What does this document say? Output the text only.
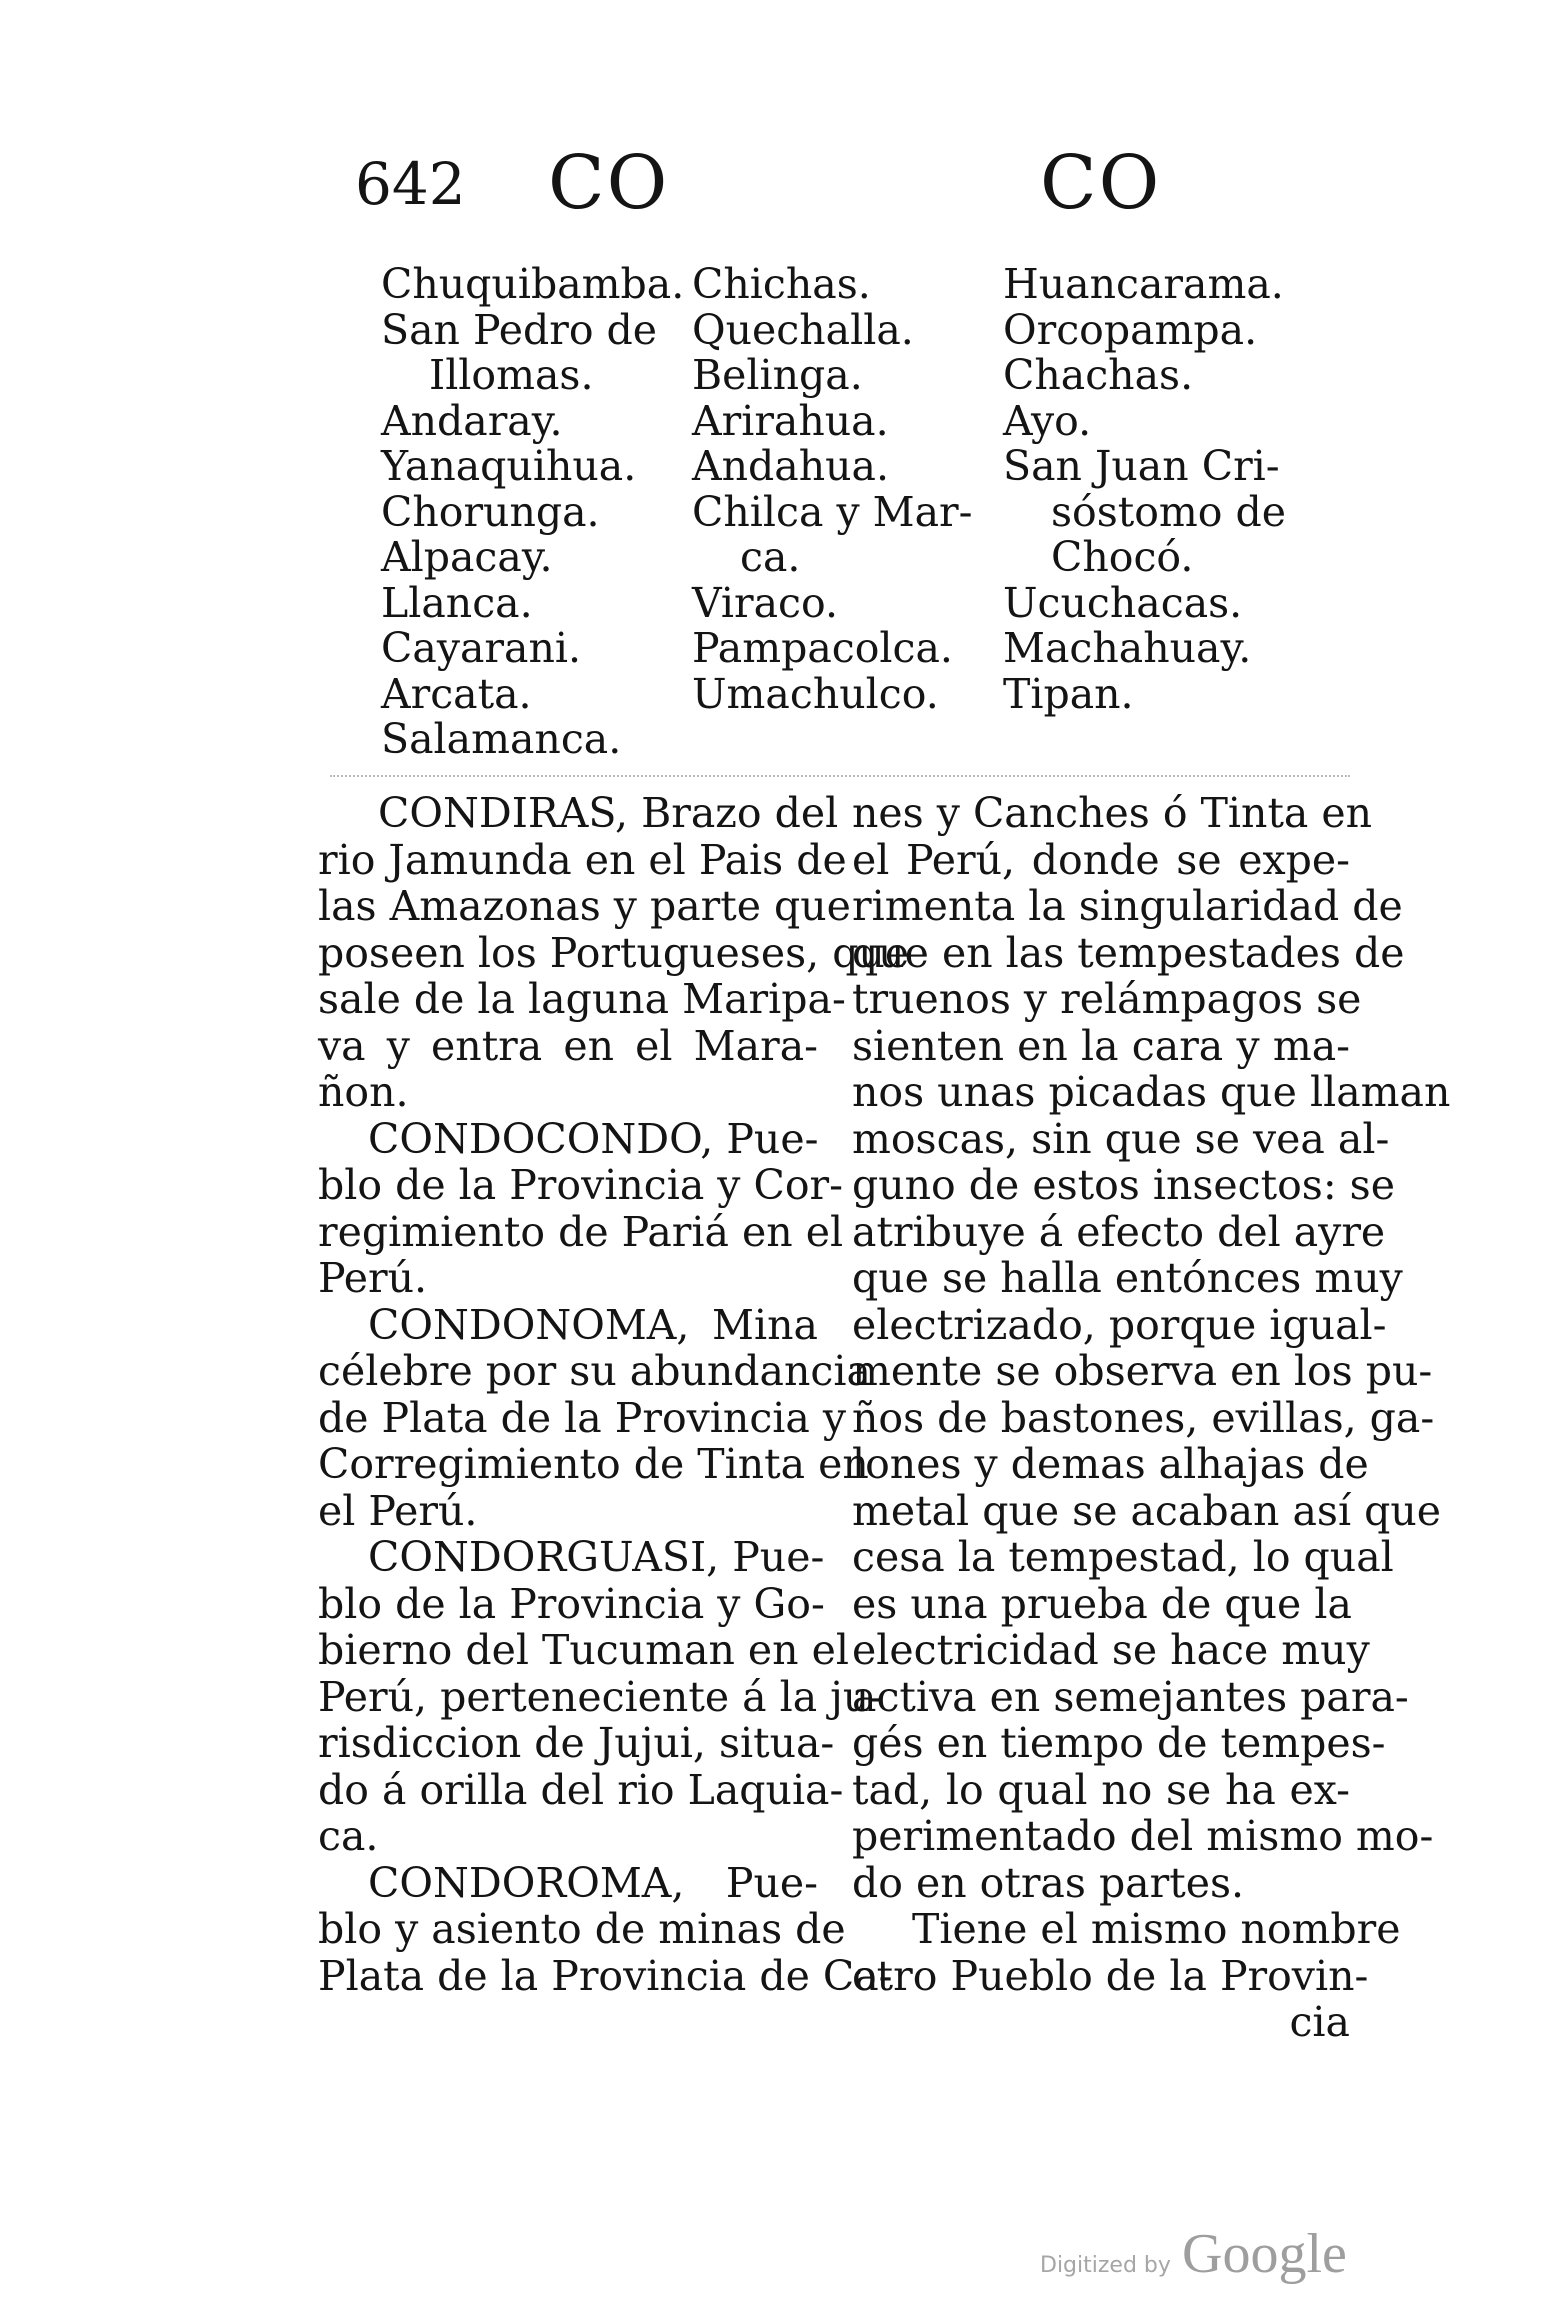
642 CO	CO
Chuquibamba.
San Pedro de
Illomas.
Andaray.
Yanaquihua.
Chorunga.
Alpacay.
Llanca.
Cayarani.
Arcata.
Salamanca.
Chichas.
Quechalla.
Belinga.
Arirahua.
Andahua.
Chilca y Mar-
ca.
Viraco.
Pampacolca.
Umachulco.
Huancarama.
Orcopampa.
Chachas.
Ayo.
San Juan Cri-
sóstomo de
Chocó.
Ucuchacas.
Machahuay.
Tipan.
CONDIRAS, Brazo del
rio Jamunda en el Pais de
las Amazonas y parte que
poseen los Portugueses, que
sale de la laguna Maripa-
va y entra en el Mara-
ñon.
CONDOCONDO, Pue-
blo de la Provincia y Cor-
regimiento de Pariá en el
Perú.
CONDONOMA, Mina
célebre por su abundancia
de Plata de la Provincia y
Corregimiento de Tinta en
el Perú.
CONDORGUASI, Pue-
blo de la Provincia y Go-
bierno del Tucuman en el
Perú, perteneciente á la ju-
risdiccion de Jujui, situa-
do á orilla del rio Laquia-
ca.
CONDOROMA, Pue-
blo y asiento de minas de
Plata de la Provincia de Ca-
nes y Canches ó Tinta en
el Perú, donde se expe-
rimenta la singularidad de
que en las tempestades de
truenos y relámpagos se
sienten en la cara y ma-
nos unas picadas que llaman
moscas, sin que se vea al-
guno de estos insectos: se
atribuye á efecto del ayre
que se halla entónces muy
electrizado, porque igual-
mente se observa en los pu-
ños de bastones, evillas, ga-
lones y demas alhajas de
metal que se acaban así que
cesa la tempestad, lo qual
es una prueba de que la
electricidad se hace muy
activa en semejantes para-
gés en tiempo de tempes-
tad, lo qual no se ha ex-
perimentado del mismo mo-
do en otras partes.
Tiene el mismo nombre
otro Pueblo de la Provin-
cia
Digitized by Google
